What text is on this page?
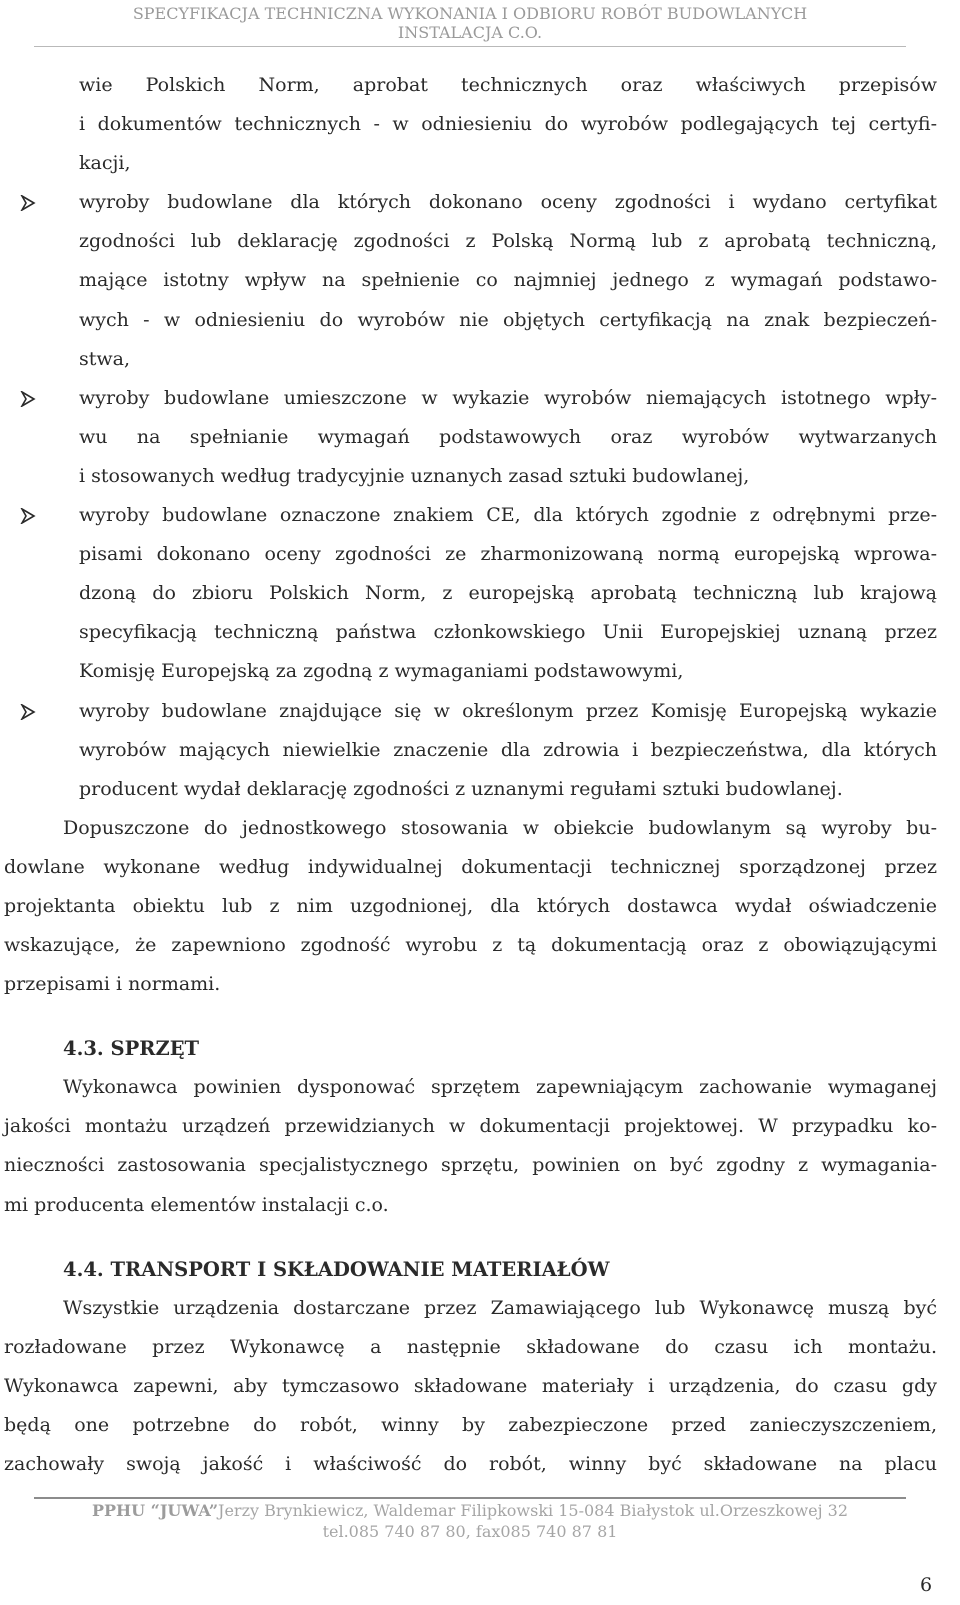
SPECYFIKACJA TECHNICZNA WYKONANIA I ODBIORU ROBÓT BUDOWLANYCH
INSTALACJA C.O.

wie Polskich Norm, aprobat technicznych oraz właściwych przepisów

i dokumentów technicznych - w odniesieniu do wyrobów podlegających tej certyfi-

kacji,

wyroby budowlane dla których dokonano oceny zgodności i wydano certyfikat

zgodności lub deklarację zgodności z Polską Normą lub z aprobatą techniczną,

mające istotny wpływ na spełnienie co najmniej jednego z wymagań podstawo-

wych - w odniesieniu do wyrobów nie objętych certyfikacją na znak bezpieczeń-

stwa,

wyroby budowlane umieszczone w wykazie wyrobów niemających istotnego wpły-

wu na spełnianie wymagań podstawowych oraz wyrobów wytwarzanych

i stosowanych według tradycyjnie uznanych zasad sztuki budowlanej,

wyroby budowlane oznaczone znakiem CE, dla których zgodnie z odrębnymi prze-

pisami dokonano oceny zgodności ze zharmonizowaną normą europejską wprowa-

dzoną do zbioru Polskich Norm, z europejską aprobatą techniczną lub krajową

specyfikacją techniczną państwa członkowskiego Unii Europejskiej uznaną przez

Komisję Europejską za zgodną z wymaganiami podstawowymi,

wyroby budowlane znajdujące się w określonym przez Komisję Europejską wykazie

wyrobów mających niewielkie znaczenie dla zdrowia i bezpieczeństwa, dla których

producent wydał deklarację zgodności z uznanymi regułami sztuki budowlanej.

Dopuszczone do jednostkowego stosowania w obiekcie budowlanym są wyroby bu-

dowlane wykonane według indywidualnej dokumentacji technicznej sporządzonej przez

projektanta obiektu lub z nim uzgodnionej, dla których dostawca wydał oświadczenie

wskazujące, że zapewniono zgodność wyrobu z tą dokumentacją oraz z obowiązującymi

przepisami i normami.

4.3. SPRZĘT

Wykonawca powinien dysponować sprzętem zapewniającym zachowanie wymaganej

jakości montażu urządzeń przewidzianych w dokumentacji projektowej. W przypadku ko-

nieczności zastosowania specjalistycznego sprzętu, powinien on być zgodny z wymagania-

mi producenta elementów instalacji c.o.

4.4. TRANSPORT I SKŁADOWANIE MATERIAŁÓW

Wszystkie urządzenia dostarczane przez Zamawiającego lub Wykonawcę muszą być

rozładowane przez Wykonawcę a następnie składowane do czasu ich montażu.

Wykonawca zapewni, aby tymczasowo składowane materiały i urządzenia, do czasu gdy

będą one potrzebne do robót, winny by zabezpieczone przed zanieczyszczeniem,

zachowały swoją jakość i właściwość do robót, winny być składowane na placu

PPHU “JUWA”Jerzy Brynkiewicz, Waldemar Filipkowski 15-084 Białystok ul.Orzeszkowej 32
tel.085 740 87 80, fax085 740 87 81
6
